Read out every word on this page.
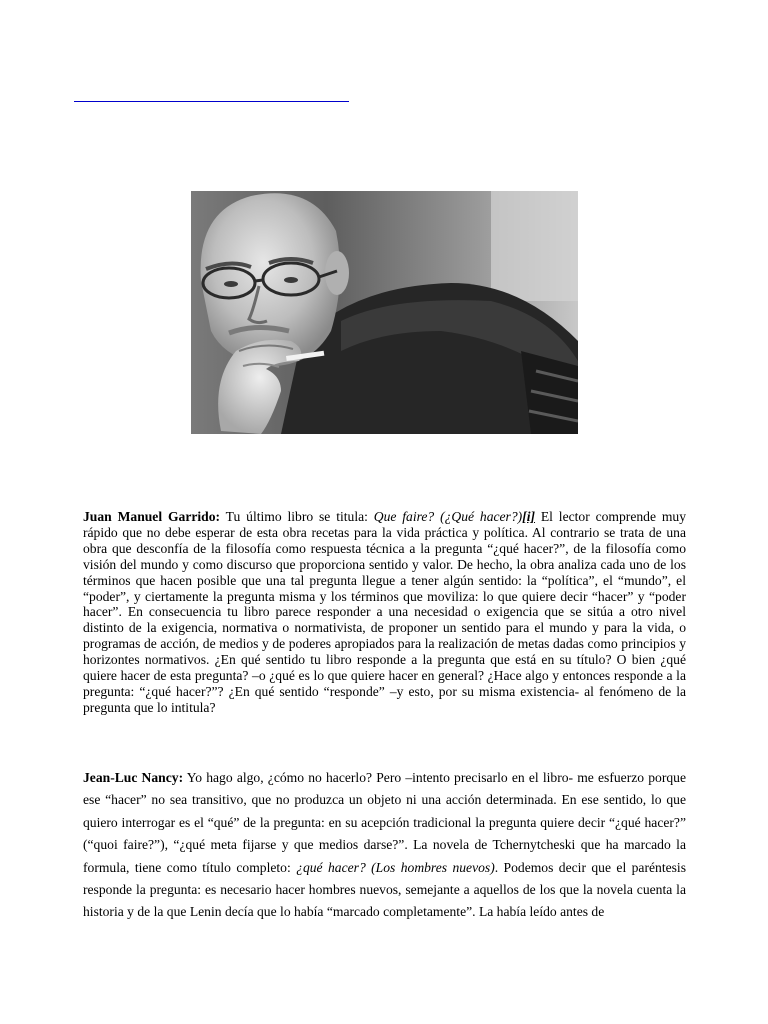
Juan Manuel Garrido: Tu último libro se titula: Que faire? (¿Qué hacer?)[i] El lector comprende muy rápido que no debe esperar de esta obra recetas para la vida práctica y política. Al contrario se trata de una obra que desconfía de la filosofía como respuesta técnica a la pregunta “¿qué hacer?”, de la filosofía como visión del mundo y como discurso que proporciona sentido y valor. De hecho, la obra analiza cada uno de los términos que hacen posible que una tal pregunta llegue a tener algún sentido: la “política”, el “mundo”, el “poder”, y ciertamente la pregunta misma y los términos que moviliza: lo que quiere decir “hacer” y “poder hacer”. En consecuencia tu libro parece responder a una necesidad o exigencia que se sitúa a otro nivel distinto de la exigencia, normativa o normativista, de proponer un sentido para el mundo y para la vida, o programas de acción, de medios y de poderes apropiados para la realización de metas dadas como principios y horizontes normativos. ¿En qué sentido tu libro responde a la pregunta que está en su título? O bien ¿qué quiere hacer de esta pregunta? –o ¿qué es lo que quiere hacer en general? ¿Hace algo y entonces responde a la pregunta: “¿qué hacer?”? ¿En qué sentido “responde” –y esto, por su misma existencia- al fenómeno de la pregunta que lo intitula?

Jean-Luc Nancy: Yo hago algo, ¿cómo no hacerlo? Pero –intento precisarlo en el libro- me esfuerzo porque ese “hacer” no sea transitivo, que no produzca un objeto ni una acción determinada. En ese sentido, lo que quiero interrogar es el “qué” de la pregunta: en su acepción tradicional la pregunta quiere decir “¿qué hacer?” (“quoi faire?”), “¿qué meta fijarse y que medios darse?”. La novela de Tchernytcheski que ha marcado la formula, tiene como título completo: ¿qué hacer? (Los hombres nuevos). Podemos decir que el paréntesis responde la pregunta: es necesario hacer hombres nuevos, semejante a aquellos de los que la novela cuenta la historia y de la que Lenin decía que lo había “marcado completamente”. La había leído antes de
